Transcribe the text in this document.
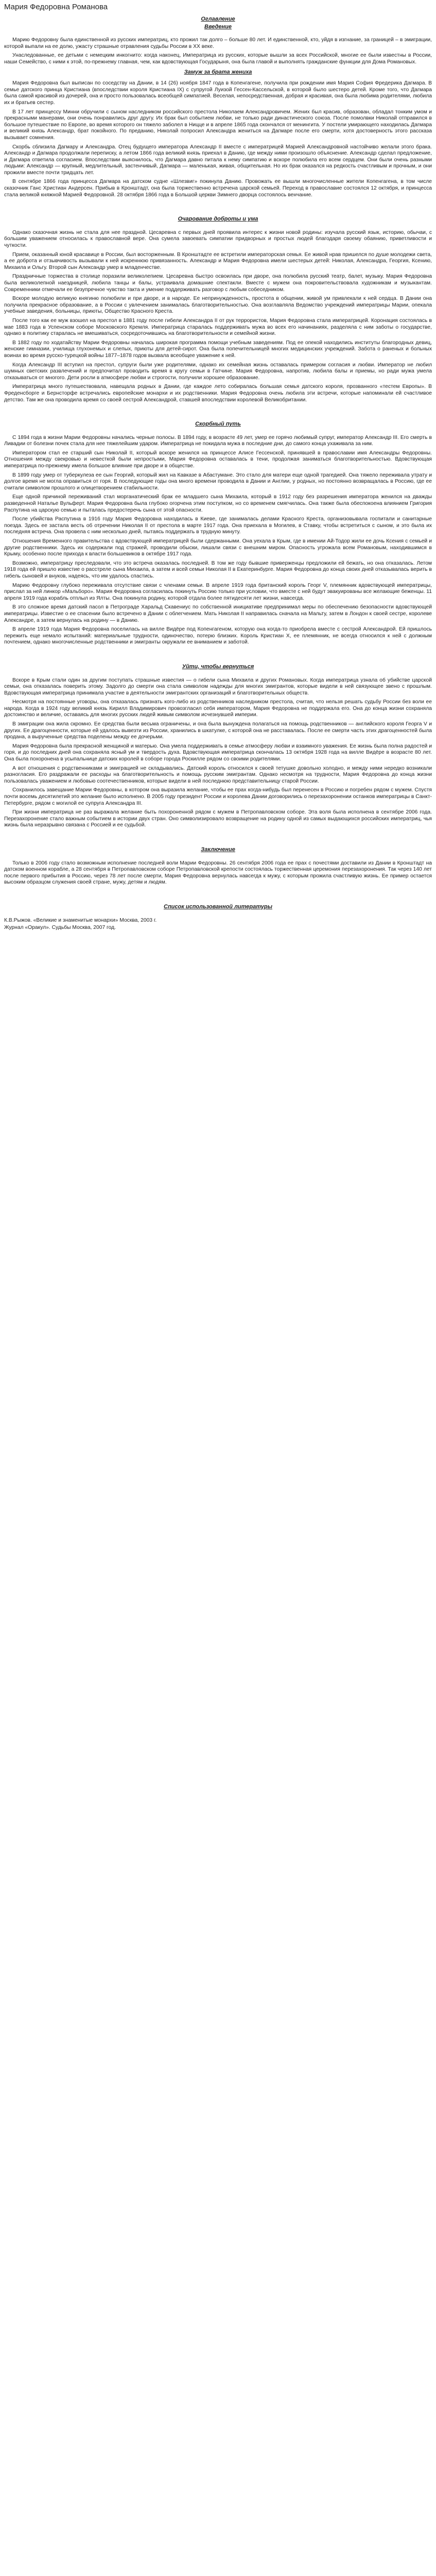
Мария Федоровна Романова
Оглавление
Введение

Марию Федоровну была единственной из русских императриц, кто прожил так долго – больше 80 лет. И единственной, кто, уйдя в изгнание, за границей – в эмиграции, которой выпали на ее долю, ужасту страшные отравления судьбы России в ХХ веке.

Унаследованные, ее детьми с немецким инкогнито: когда наконец, Императрица из русских, которые вышли за всех Российской, многие ее были известны в России, наши Семейство, с ними к этой, по-прежнему главная, чем, как вдовствующая Государыня, она была главой и выполнять гражданские функции для Дома Романовых.

Замуж за брата жениха

Мария Федоровна был выписан по соседству на Дании, в 14 (26) ноября 1847 года в Копенгагене, получила при рождении имя Мария София Фредерика Дагмара. В семье датского принца Кристиана (впоследствии короля Кристиана IX) с супругой Луизой Гессен-Кассельской, в которой было шестеро детей. Кроме того, что Дагмара была самой красивой из дочерей, она и просто пользовалась всеобщей симпатией. Веселая, непосредственная, добрая и красивая, она была любима родителями, любила их и братьев сестер.

В 17 лет принцессу Минни обручили с сыном наследником российского престола Николаем Александровичем. Жених был красив, образован, обладал тонким умом и прекрасными манерами, они очень понравились друг другу. Их брак был событием любви, не только ради династического союза. После помолвки Николай отправился в большое путешествие по Европе, во время которого он тяжело заболел в Ницце и в апреле 1865 года скончался от менингита. У постели умирающего находилась Дагмара и великий князь Александр, брат покойного. По преданию, Николай попросил Александра жениться на Дагмаре после его смерти, хотя достоверность этого рассказа вызывает сомнения.

Скорбь сблизила Дагмару и Александра. Отец будущего императора Александр II вместе с императрицей Марией Александровной настойчиво желали этого брака. Александр и Дагмара продолжали переписку, а летом 1866 года великий князь приехал в Данию, где между ними произошло объяснение. Александр сделал предложение, и Дагмара ответила согласием. Впоследствии выяснилось, что Дагмара давно питала к нему симпатию и вскоре полюбила его всем сердцем. Они были очень разными людьми: Александр — крупный, медлительный, застенчивый, Дагмара — маленькая, живая, общительная. Но их брак оказался на редкость счастливым и прочным, и они прожили вместе почти тридцать лет.

В сентябре 1866 года принцесса Дагмара на датском судне «Шлезвиг» покинула Данию. Провожать ее вышли многочисленные жители Копенгагена, в том числе сказочник Ганс Христиан Андерсен. Прибыв в Кронштадт, она была торжественно встречена царской семьей. Переход в православие состоялся 12 октября, и принцесса стала великой княжной Марией Федоровной. 28 октября 1866 года в Большой церкви Зимнего дворца состоялось венчание.

Очарование доброты и ума

Однако сказочная жизнь не стала для нее праздной. Цесаревна с первых дней проявила интерес к жизни новой родины: изучала русский язык, историю, обычаи, с большим уважением относилась к православной вере. Она сумела завоевать симпатии придворных и простых людей благодаря своему обаянию, приветливости и чуткости.

Прием, оказанный юной красавице в России, был восторженным. В Кронштадте ее встретили императорская семья. Ее живой нрав пришелся по душе молодежи света, а ее доброта и отзывчивость вызывали к ней искреннюю привязанность. Александр и Мария Федоровна имели шестерых детей: Николая, Александра, Георгия, Ксению, Михаила и Ольгу. Второй сын Александр умер в младенчестве.

Праздничные торжества в столице поразили великолепием. Цесаревна быстро освоилась при дворе, она полюбила русский театр, балет, музыку. Мария Федоровна была великолепной наездницей, любила танцы и балы, устраивала домашние спектакли. Вместе с мужем она покровительствовала художникам и музыкантам. Современники отмечали ее безупречное чувство такта и умение поддерживать разговор с любым собеседником.

Вскоре молодую великую княгиню полюбили и при дворе, и в народе. Ее непринужденность, простота в общении, живой ум привлекали к ней сердца. В Дании она получила прекрасное образование, а в России с увлечением занималась благотворительностью. Она возглавляла Ведомство учреждений императрицы Марии, опекала учебные заведения, больницы, приюты, Общество Красного Креста.

После того как ее муж взошел на престол в 1881 году после гибели Александра II от рук террористов, Мария Федоровна стала императрицей. Коронация состоялась в мае 1883 года в Успенском соборе Московского Кремля. Императрица старалась поддерживать мужа во всех его начинаниях, разделяла с ним заботы о государстве, однако в политику старалась не вмешиваться, сосредоточившись на благотворительности и семейной жизни.

В 1882 году по ходатайству Марии Федоровны началась широкая программа помощи учебным заведениям. Под ее опекой находились институты благородных девиц, женские гимназии, училища глухонемых и слепых, приюты для детей-сирот. Она была попечительницей многих медицинских учреждений. Забота о раненых и больных воинах во время русско-турецкой войны 1877–1878 годов вызвала всеобщее уважение к ней.

Когда Александр III вступил на престол, супруги были уже родителями, однако их семейная жизнь оставалась примером согласия и любви. Император не любил шумных светских развлечений и предпочитал проводить время в кругу семьи в Гатчине. Мария Федоровна, напротив, любила балы и приемы, но ради мужа умела отказываться от многого. Дети росли в атмосфере любви и строгости, получили хорошее образование.

Императрица много путешествовала, навещала родных в Дании, где каждое лето собиралась большая семья датского короля, прозванного «тестем Европы». В Фреденсборге и Бернсторфе встречались европейские монархи и их родственники. Мария Федоровна очень любила эти встречи, которые напоминали ей счастливое детство. Там же она проводила время со своей сестрой Александрой, ставшей впоследствии королевой Великобритании.

Скорбный путь

С 1894 года в жизни Марии Федоровны начались черные полосы. В 1894 году, в возрасте 49 лет, умер ее горячо любимый супруг, император Александр III. Его смерть в Ливадии от болезни почек стала для нее тяжелейшим ударом. Императрица не покидала мужа в последние дни, до самого конца ухаживала за ним.

Императором стал ее старший сын Николай II, который вскоре женился на принцессе Алисе Гессенской, принявшей в православии имя Александры Федоровны. Отношения между свекровью и невесткой были непростыми, Мария Федоровна оставалась в тени, продолжая заниматься благотворительностью. Вдовствующая императрица по-прежнему имела большое влияние при дворе и в обществе.

В 1899 году умер от туберкулеза ее сын Георгий, который жил на Кавказе в Абастумане. Это стало для матери еще одной трагедией. Она тяжело переживала утрату и долгое время не могла оправиться от горя. В последующие годы она много времени проводила в Дании и Англии, у родных, но постоянно возвращалась в Россию, где ее считали символом прошлого и олицетворением стабильности.

Еще одной причиной переживаний стал морганатический брак ее младшего сына Михаила, который в 1912 году без разрешения императора женился на дважды разведенной Наталье Вульферт. Мария Федоровна была глубоко огорчена этим поступком, но со временем смягчилась. Она также была обеспокоена влиянием Григория Распутина на царскую семью и пыталась предостеречь сына от этой опасности.

После убийства Распутина в 1916 году Мария Федоровна находилась в Киеве, где занималась делами Красного Креста, организовывала госпитали и санитарные поезда. Здесь ее застала весть об отречении Николая II от престола в марте 1917 года. Она приехала в Могилев, в Ставку, чтобы встретиться с сыном, и это была их последняя встреча. Она провела с ним несколько дней, пытаясь поддержать в трудную минуту.

Отношения Временного правительства с вдовствующей императрицей были сдержанными. Она уехала в Крым, где в имении Ай-Тодор жили ее дочь Ксения с семьей и другие родственники. Здесь их содержали под стражей, проводили обыски, лишали связи с внешним миром. Опасность угрожала всем Романовым, находившимся в Крыму, особенно после прихода к власти большевиков в октябре 1917 года.

Возможно, императрицу преследовали, что это встреча оказалась последней. В том же году бывшие приверженцы предложили ей бежать, но она отказалась. Летом 1918 года ей пришло известие о расстреле сына Михаила, а затем и всей семьи Николая II в Екатеринбурге. Мария Федоровна до конца своих дней отказывалась верить в гибель сыновей и внуков, надеясь, что им удалось спастись.

Марию Федоровну глубоко переживала отсутствие связи с членами семьи. В апреле 1919 года британский король Георг V, племянник вдовствующей императрицы, прислал за ней линкор «Мальборо». Мария Федоровна согласилась покинуть Россию только при условии, что вместе с ней будут эвакуированы все желающие беженцы. 11 апреля 1919 года корабль отплыл из Ялты. Она покинула родину, которой отдала более пятидесяти лет жизни, навсегда.

В это сложное время датский пасол в Петрограде Харальд Скавениус по собственной инициативе предпринимал меры по обеспечению безопасности вдовствующей императрицы. Известие о ее спасении было встречено в Дании с облегчением. Мать Николая II направилась сначала на Мальту, затем в Лондон к своей сестре, королеве Александре, а затем вернулась на родину — в Данию.

В апреле 1919 года Мария Федоровна поселилась на вилле Видёре под Копенгагеном, которую она когда-то приобрела вместе с сестрой Александрой. Ей пришлось пережить еще немало испытаний: материальные трудности, одиночество, потерю близких. Король Кристиан X, ее племянник, не всегда относился к ней с должным почтением, однако многочисленные родственники и эмигранты окружали ее вниманием и заботой.

Уйти, чтобы вернуться

Вскоре в Крым стали один за другим поступать страшные известия — о гибели сына Михаила и других Романовых. Когда императрица узнала об убийстве царской семьи, она отказалась поверить этому. Задолго до смерти она стала символом надежды для многих эмигрантов, которые видели в ней связующее звено с прошлым. Вдовствующая императрица принимала участие в деятельности эмигрантских организаций и благотворительных обществ.

Несмотря на постоянные уговоры, она отказалась признать кого-либо из родственников наследником престола, считая, что нельзя решать судьбу России без воли ее народа. Когда в 1924 году великий князь Кирилл Владимирович провозгласил себя императором, Мария Федоровна не поддержала его. Она до конца жизни сохраняла достоинство и величие, оставаясь для многих русских людей живым символом исчезнувшей империи.

В эмиграции она жила скромно. Ее средства были весьма ограничены, и она была вынуждена полагаться на помощь родственников — английского короля Георга V и других. Ее драгоценности, которые ей удалось вывезти из России, хранились в шкатулке, с которой она не расставалась. После ее смерти часть этих драгоценностей была продана, а вырученные средства поделены между ее дочерьми.

Мария Федоровна была прекрасной женщиной и матерью. Она умела поддерживать в семье атмосферу любви и взаимного уважения. Ее жизнь была полна радостей и горя, и до последних дней она сохраняла ясный ум и твердость духа. Вдовствующая императрица скончалась 13 октября 1928 года на вилле Видёре в возрасте 80 лет. Она была похоронена в усыпальнице датских королей в соборе города Роскилле рядом со своими родителями.

А вот отношения с родственниками и эмиграцией не складывались. Датский король относился к своей тетушке довольно холодно, и между ними нередко возникали разногласия. Его раздражали ее расходы на благотворительность и помощь русским эмигрантам. Однако несмотря на трудности, Мария Федоровна до конца жизни пользовалась уважением и любовью соотечественников, которые видели в ней последнюю представительницу старой России.

Сохранилось завещание Марии Федоровны, в котором она выразила желание, чтобы ее прах когда-нибудь был перенесен в Россию и погребен рядом с мужем. Спустя почти восемь десятилетий это желание было исполнено. В 2005 году президент России и королева Дании договорились о перезахоронении останков императрицы в Санкт-Петербурге, рядом с могилой ее супруга Александра III.

При жизни императрица не раз выражала желание быть похороненной рядом с мужем в Петропавловском соборе. Эта воля была исполнена в сентябре 2006 года. Перезахоронение стало важным событием в истории двух стран. Оно символизировало возвращение на родину одной из самых выдающихся российских императриц, чья жизнь была неразрывно связана с Россией и ее судьбой.

Заключение

Только в 2006 году стало возможным исполнение последней воли Марии Федоровны. 26 сентября 2006 года ее прах с почестями доставили из Дании в Кронштадт на датском военном корабле, а 28 сентября в Петропавловском соборе Петропавловской крепости состоялась торжественная церемония перезахоронения. Так через 140 лет после первого прибытия в Россию, через 78 лет после смерти, Мария Федоровна вернулась навсегда к мужу, с которым прожила счастливую жизнь. Ее пример остается высоким образцом служения своей стране, мужу, детям и людям.

Список использованной литературы

К.В.Рыжов. «Великие и знаменитые монархи» Москва, 2003 г.

Журнал «Оракул». Судьбы Москва, 2007 год.
